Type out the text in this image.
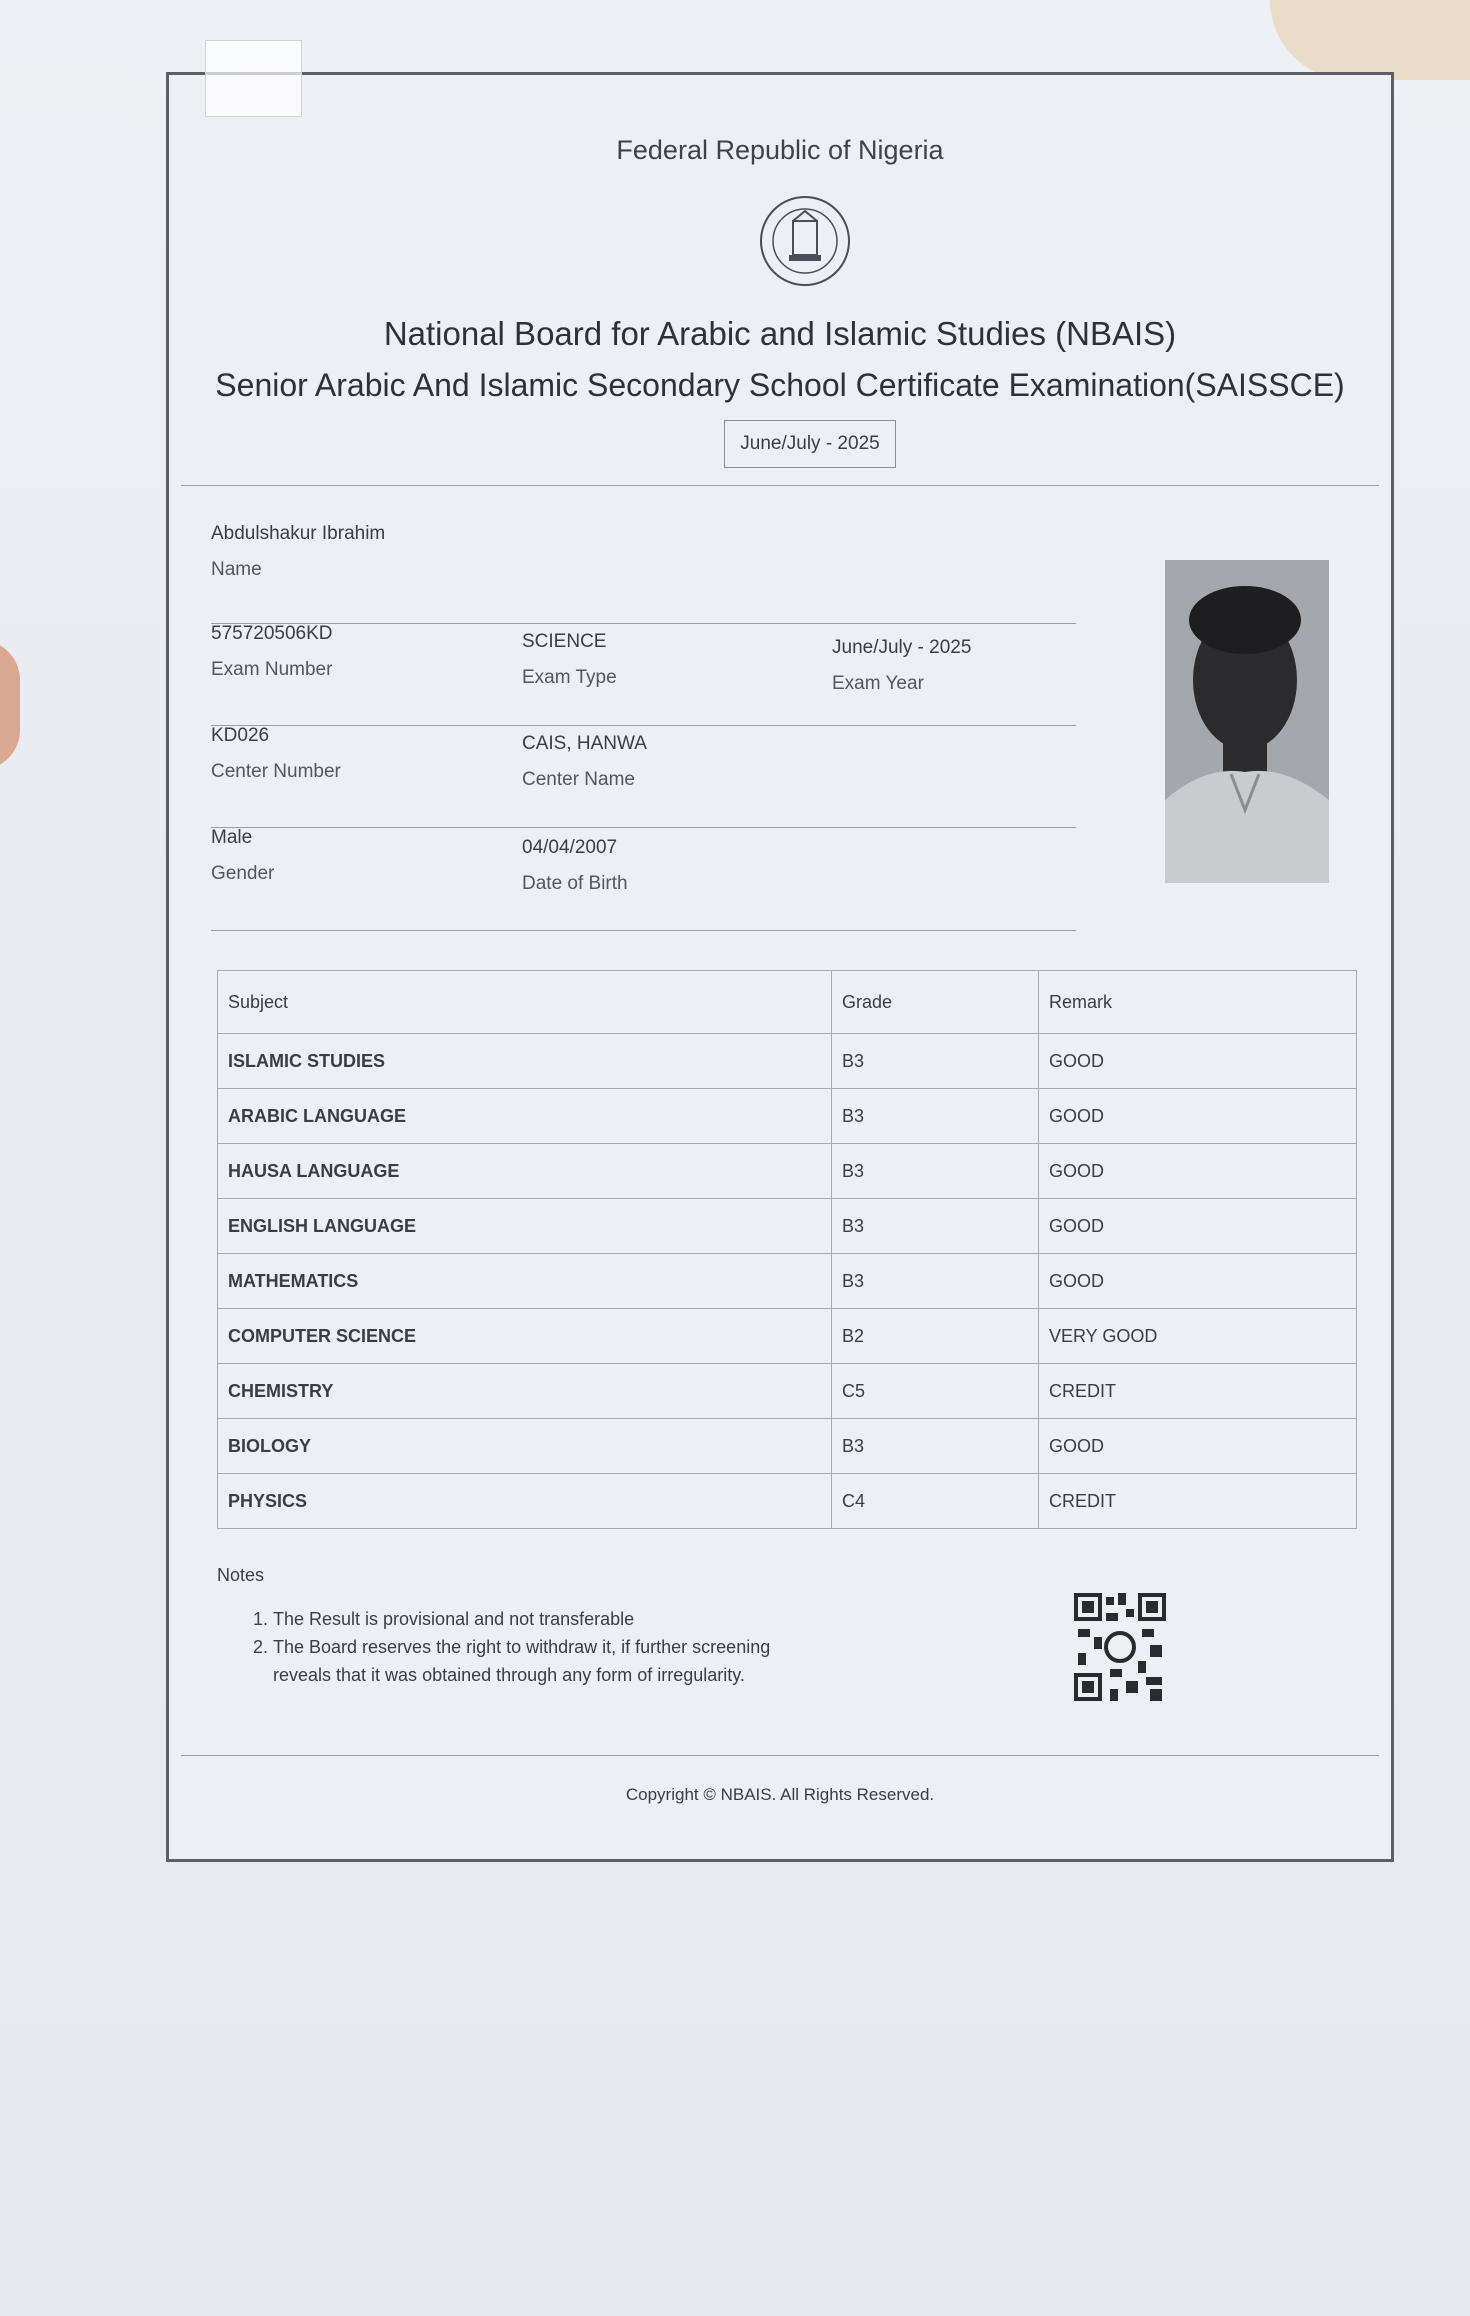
Federal Republic of Nigeria
National Board for Arabic and Islamic Studies (NBAIS)
Senior Arabic And Islamic Secondary School Certificate Examination(SAISSCE)
June/July - 2025
Abdulshakur Ibrahim
Name
575720506KD
Exam Number
SCIENCE
Exam Type
June/July - 2025
Exam Year
KD026
Center Number
CAIS, HANWA
Center Name
Male
Gender
04/04/2007
Date of Birth
Subject	Grade	Remark
ISLAMIC STUDIES	B3	GOOD
ARABIC LANGUAGE	B3	GOOD
HAUSA LANGUAGE	B3	GOOD
ENGLISH LANGUAGE	B3	GOOD
MATHEMATICS	B3	GOOD
COMPUTER SCIENCE	B2	VERY GOOD
CHEMISTRY	C5	CREDIT
BIOLOGY	B3	GOOD
PHYSICS	C4	CREDIT
Notes
1. The Result is provisional and not transferable
2. The Board reserves the right to withdraw it, if further screening reveals that it was obtained through any form of irregularity.
Copyright © NBAIS. All Rights Reserved.
